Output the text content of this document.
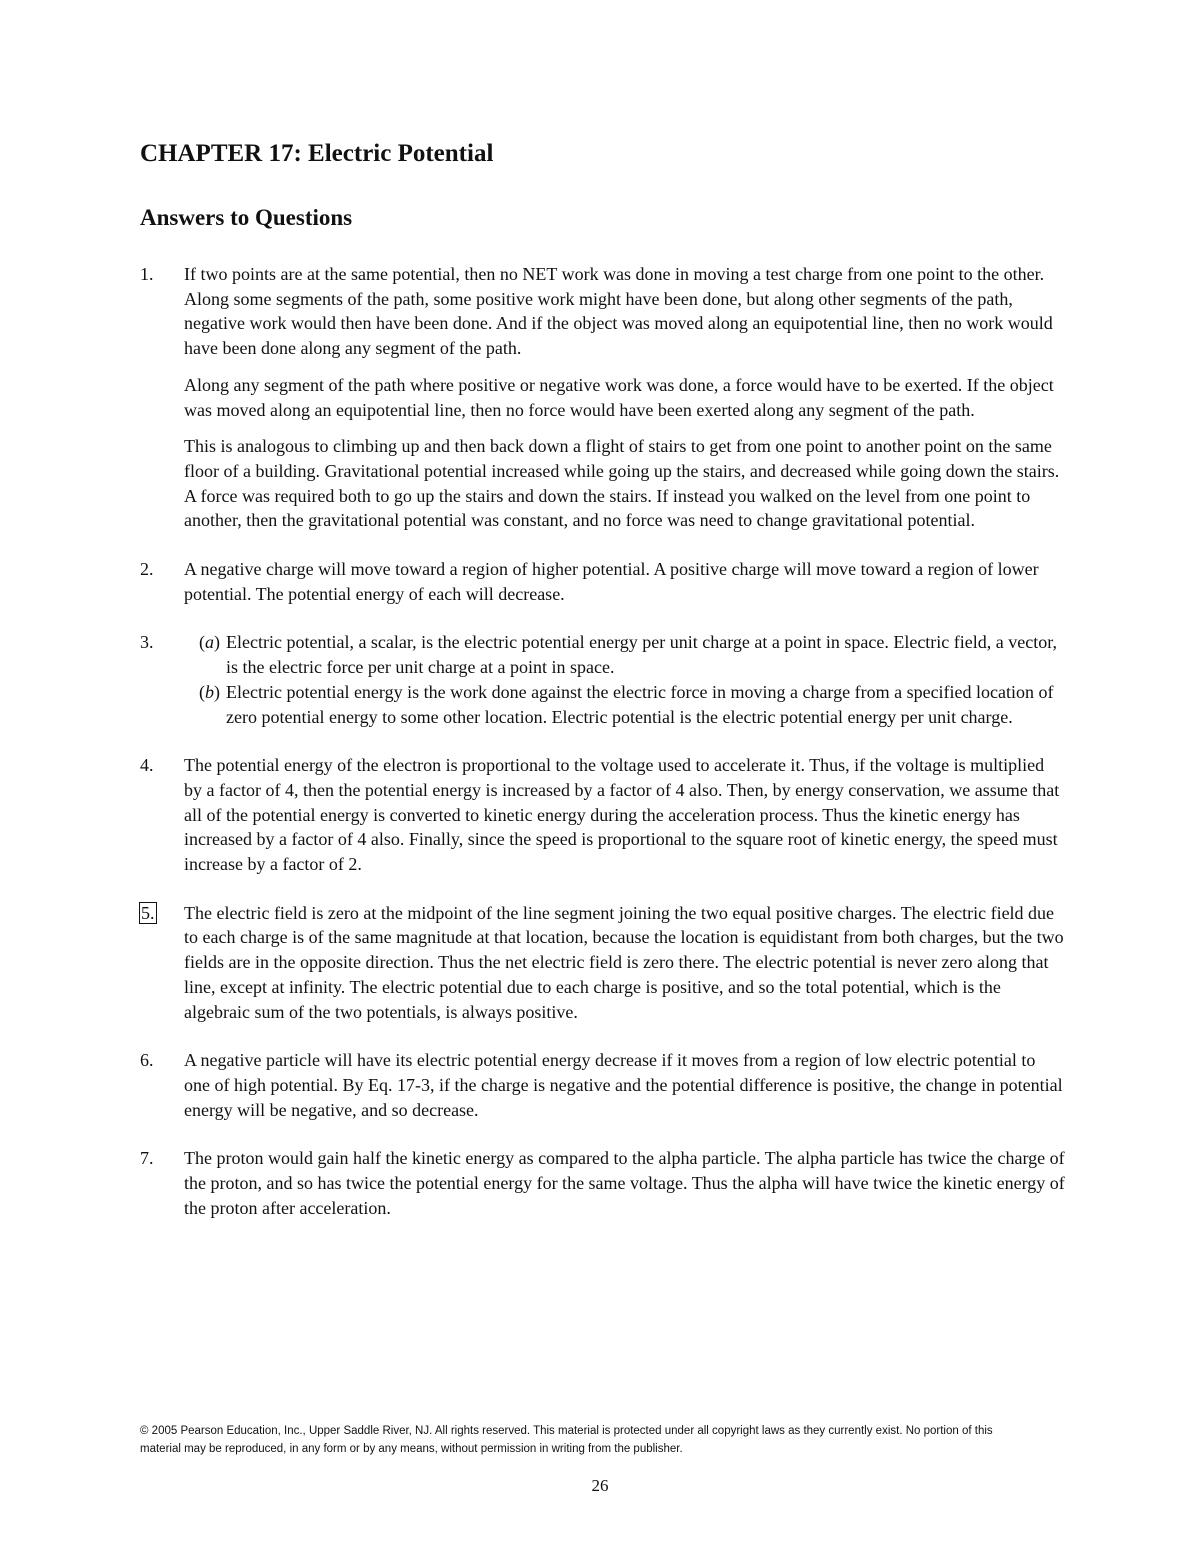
CHAPTER 17: Electric Potential
Answers to Questions
1. If two points are at the same potential, then no NET work was done in moving a test charge from one point to the other. Along some segments of the path, some positive work might have been done, but along other segments of the path, negative work would then have been done. And if the object was moved along an equipotential line, then no work would have been done along any segment of the path.

Along any segment of the path where positive or negative work was done, a force would have to be exerted. If the object was moved along an equipotential line, then no force would have been exerted along any segment of the path.

This is analogous to climbing up and then back down a flight of stairs to get from one point to another point on the same floor of a building. Gravitational potential increased while going up the stairs, and decreased while going down the stairs. A force was required both to go up the stairs and down the stairs. If instead you walked on the level from one point to another, then the gravitational potential was constant, and no force was need to change gravitational potential.

2. A negative charge will move toward a region of higher potential. A positive charge will move toward a region of lower potential. The potential energy of each will decrease.

3.	(a) Electric potential, a scalar, is the electric potential energy per unit charge at a point in space. Electric field, a vector, is the electric force per unit charge at a point in space.
(b) Electric potential energy is the work done against the electric force in moving a charge from a specified location of zero potential energy to some other location. Electric potential is the electric potential energy per unit charge.
4. The potential energy of the electron is proportional to the voltage used to accelerate it. Thus, if the voltage is multiplied by a factor of 4, then the potential energy is increased by a factor of 4 also. Then, by energy conservation, we assume that all of the potential energy is converted to kinetic energy during the acceleration process. Thus the kinetic energy has increased by a factor of 4 also. Finally, since the speed is proportional to the square root of kinetic energy, the speed must increase by a factor of 2.

5. The electric field is zero at the midpoint of the line segment joining the two equal positive charges. The electric field due to each charge is of the same magnitude at that location, because the location is equidistant from both charges, but the two fields are in the opposite direction. Thus the net electric field is zero there. The electric potential is never zero along that line, except at infinity. The electric potential due to each charge is positive, and so the total potential, which is the algebraic sum of the two potentials, is always positive.

6. A negative particle will have its electric potential energy decrease if it moves from a region of low electric potential to one of high potential. By Eq. 17-3, if the charge is negative and the potential difference is positive, the change in potential energy will be negative, and so decrease.

7. The proton would gain half the kinetic energy as compared to the alpha particle. The alpha particle has twice the charge of the proton, and so has twice the potential energy for the same voltage. Thus the alpha will have twice the kinetic energy of the proton after acceleration.

© 2005 Pearson Education, Inc., Upper Saddle River, NJ. All rights reserved. This material is protected under all copyright laws as they currently exist. No portion of this material may be reproduced, in any form or by any means, without permission in writing from the publisher.
26
